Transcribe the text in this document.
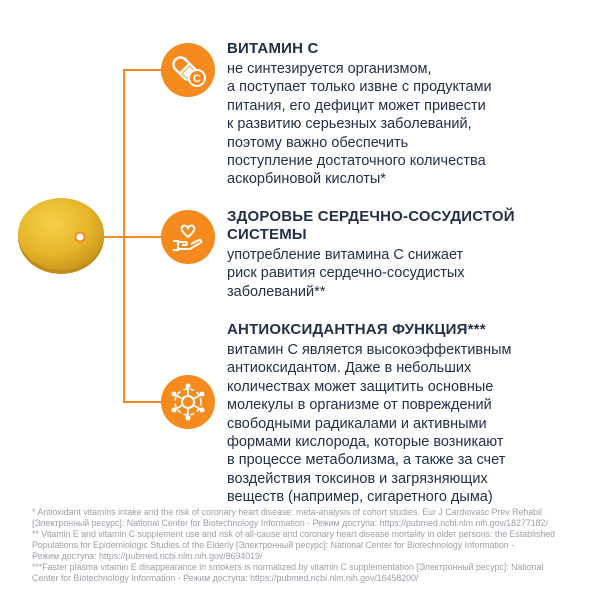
C
ВИТАМИН С

не синтезируется организмом,
а поступает только извне с продуктами
питания, его дефицит может привести
к развитию серьезных заболеваний,
поэтому важно обеспечить
поступление достаточного количества
аскорбиновой кислоты*

ЗДОРОВЬЕ СЕРДЕЧНО-СОСУДИСТОЙ
СИСТЕМЫ

употребление витамина С снижает
риск равития сердечно-сосудистых
заболеваний**

АНТИОКСИДАНТНАЯ ФУНКЦИЯ***

витамин С является высокоэффективным
антиоксидантом. Даже в небольших
количествах может защитить основные
молекулы в организме от повреждений
свободными радикалами и активными
формами кислорода, которые возникают
в процессе метаболизма, а также за счет
воздействия токсинов и загрязняющих
веществ (например, сигаретного дыма)

* Antioxidant vitamins intake and the risk of coronary heart disease: meta-analysis of cohort studies. Eur J Cardiovasc Prev Rehabil
[Электронный ресурс]: National Center for Biotechnology Information - Режим доступа: https://pubmed.ncbi.nlm.nih.gov/18277182/
** Vitamin E and vitamin C supplement use and risk of all-cause and coronary heart disease mortality in older persons: the Established
Populations for Epidemiologic Studies of the Elderly [Электронный ресурс]: National Center for Biotechnology Information -
Режим доступа: https://pubmed.ncbi.nlm.nih.gov/8694019/
***Faster plasma vitamin E disappearance in smokers is normalized by vitamin C supplementation [Электронный ресурс]: National
Center for Biotechnology Information - Режим доступа: https://pubmed.ncbi.nlm.nih.gov/16458200/
